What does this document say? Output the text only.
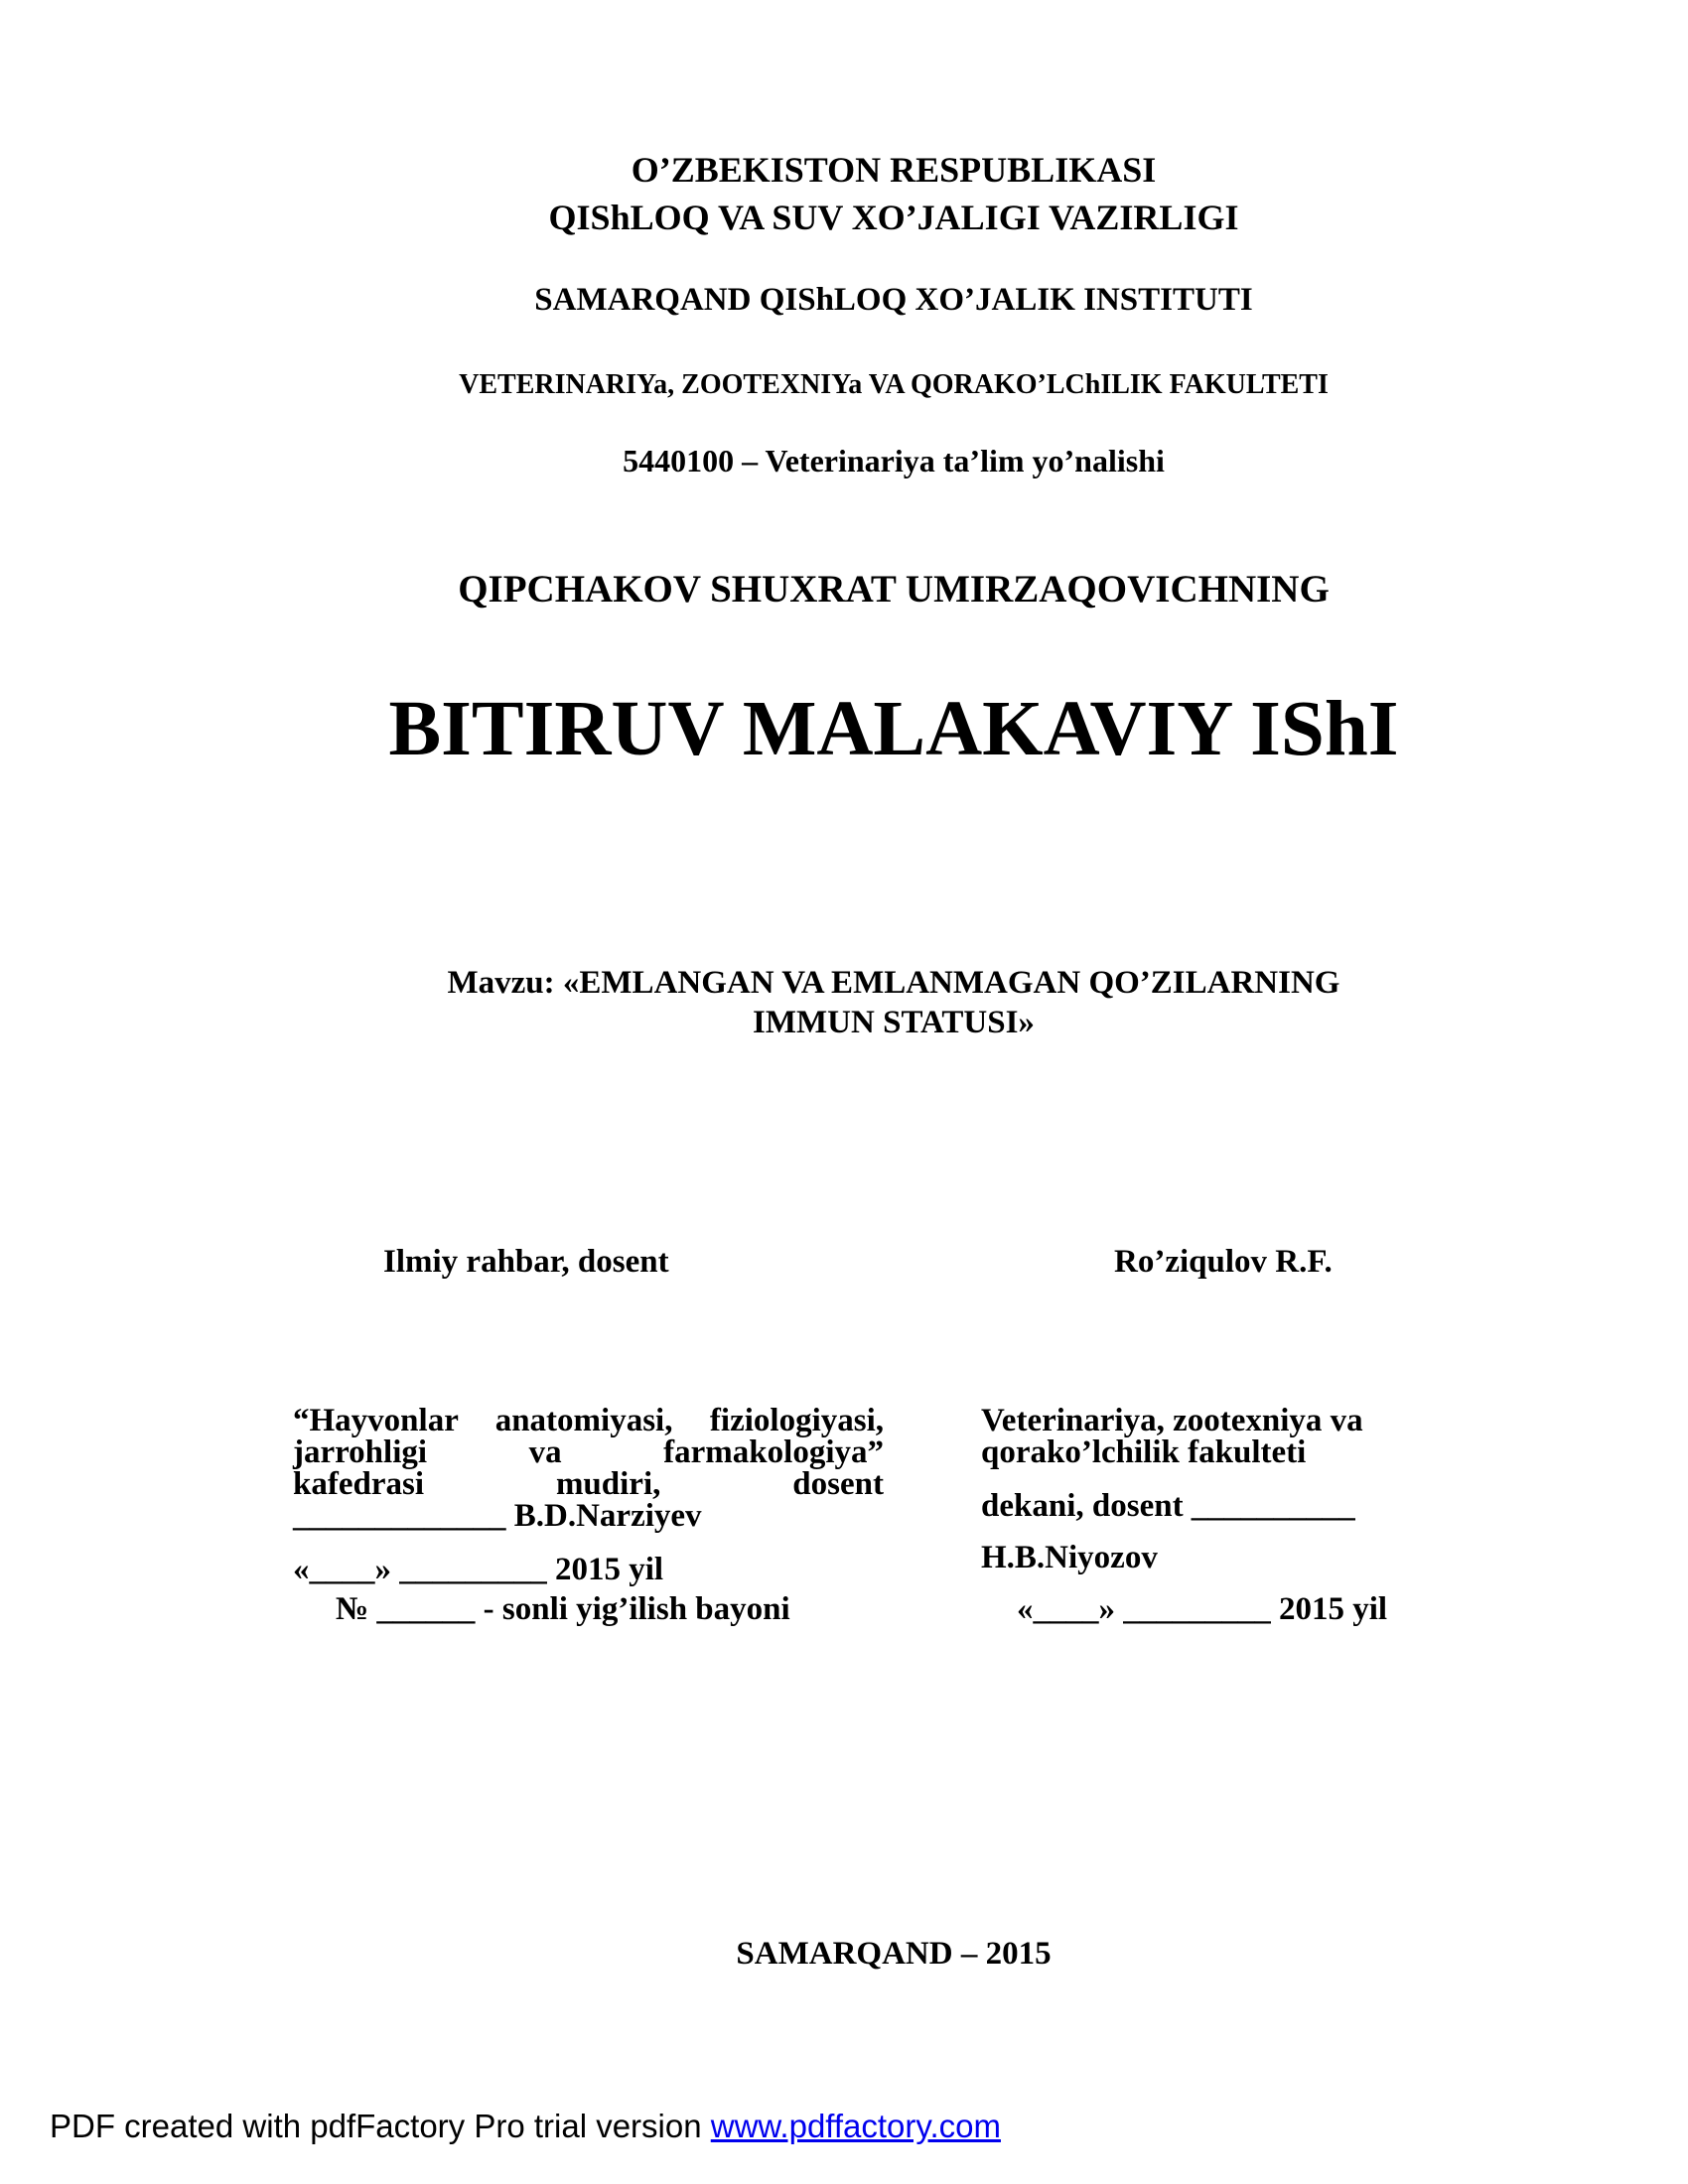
O’ZBEKISTON RESPUBLIKASI
QIShLOQ VA SUV XO’JALIGI VAZIRLIGI
SAMARQAND QIShLOQ XO’JALIK INSTITUTI
VETERINARIYa, ZOOTEXNIYa VA QORAKO’LChILIK FAKULTETI
5440100 – Veterinariya ta’lim yo’nalishi
QIPCHAKOV SHUXRAT UMIRZAQOVICHNING
BITIRUV MALAKAVIY IShI
Mavzu: «EMLANGAN VA EMLANMAGAN QO’ZILARNING
IMMUN STATUSI»
Ilmiy rahbar, dosent	Ro’ziqulov R.F.
“Hayvonlar anatomiyasi, fiziologiyasi,
jarrohligi va farmakologiya”
kafedrasi mudiri, dosent
_____________ B.D.Narziyev
«____» _________ 2015 yil
№ ______ - sonli yig’ilish bayoni
Veterinariya, zootexniya va
qorako’lchilik fakulteti
dekani, dosent __________
H.B.Niyozov
«____» _________ 2015 yil
SAMARQAND – 2015
PDF created with pdfFactory Pro trial version www.pdffactory.com
